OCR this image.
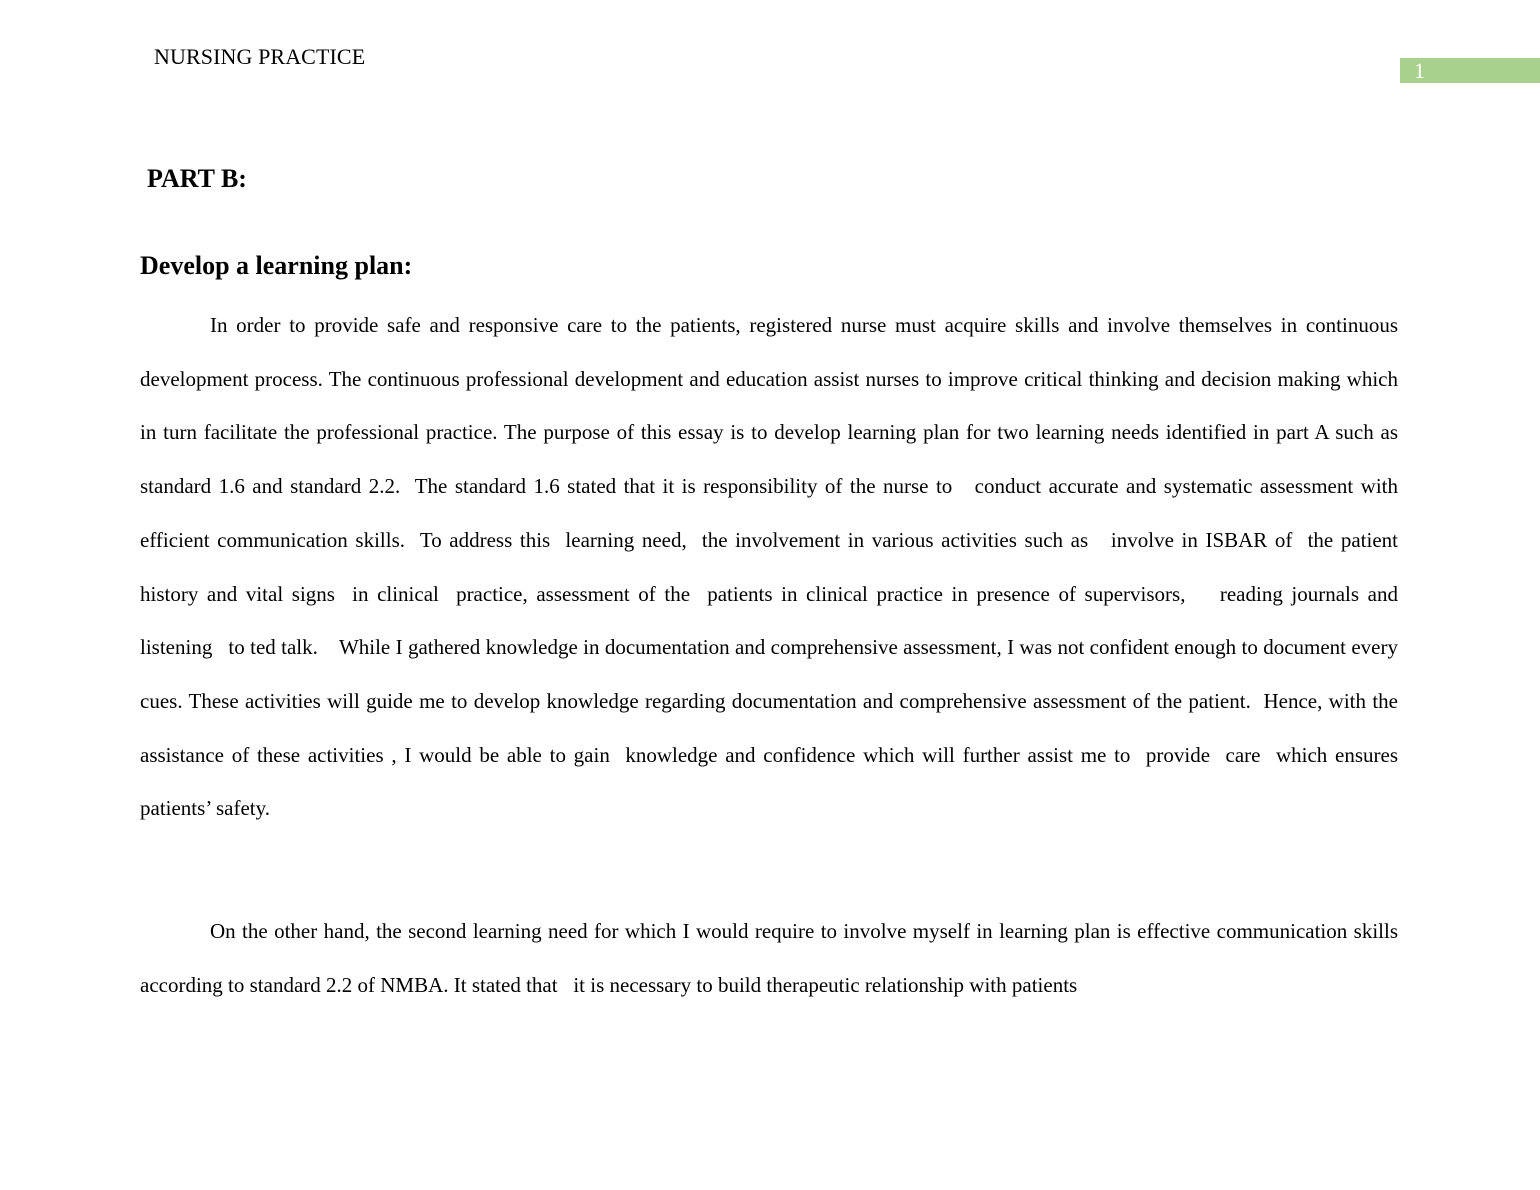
NURSING PRACTICE
1
PART B:
Develop a learning plan:

In order to provide safe and responsive care to the patients, registered nurse must acquire skills and involve themselves in continuous development process. The continuous professional development and education assist nurses to improve critical thinking and decision making which in turn facilitate the professional practice. The purpose of this essay is to develop learning plan for two learning needs identified in part A such as standard 1.6 and standard 2.2.  The standard 1.6 stated that it is responsibility of the nurse to   conduct accurate and systematic assessment with efficient communication skills.  To address this  learning need,  the involvement in various activities such as   involve in ISBAR of  the patient history and vital signs  in clinical  practice, assessment of the  patients in clinical practice in presence of supervisors,    reading journals and   listening   to ted talk.    While I gathered knowledge in documentation and comprehensive assessment, I was not confident enough to document every cues. These activities will guide me to develop knowledge regarding documentation and comprehensive assessment of the patient.  Hence, with the assistance of these activities , I would be able to gain  knowledge and confidence which will further assist me to  provide  care  which ensures patients’ safety.

On the other hand, the second learning need for which I would require to involve myself in learning plan is effective communication skills according to standard 2.2 of NMBA. It stated that   it is necessary to build therapeutic relationship with patients
